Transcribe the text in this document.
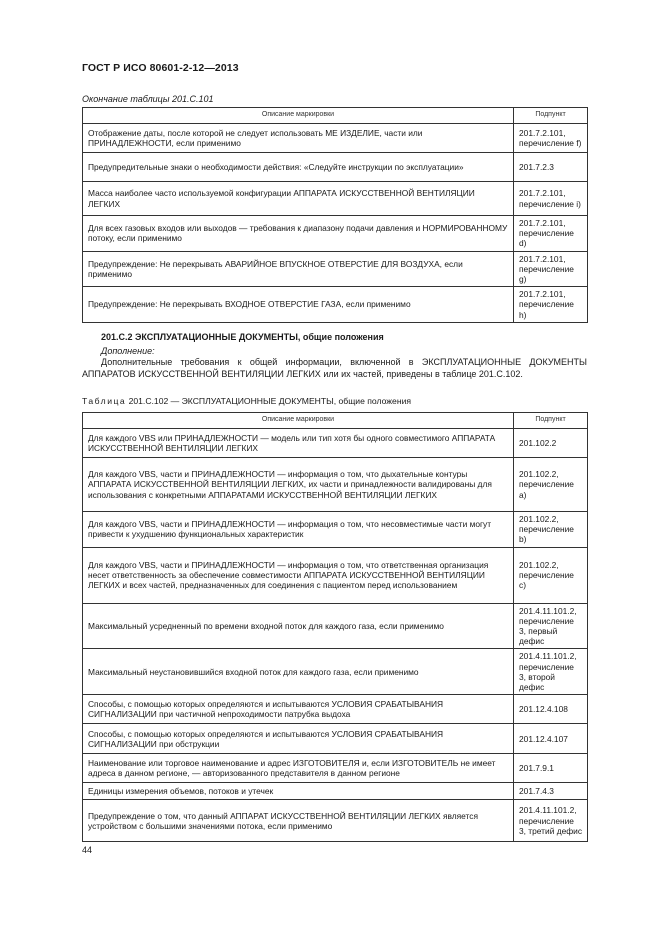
ГОСТ Р ИСО 80601-2-12—2013
Окончание таблицы 201.С.101
Описание маркировки	Подпункт
Отображение даты, после которой не следует использовать МЕ ИЗДЕЛИЕ, части или ПРИНАДЛЕЖНОСТИ, если применимо	201.7.2.101, перечисление f)
Предупредительные знаки о необходимости действия: «Следуйте инструкции по эксплуатации»	201.7.2.3
Масса наиболее часто используемой конфигурации АППАРАТА ИСКУССТВЕННОЙ ВЕНТИЛЯЦИИ ЛЕГКИХ	201.7.2.101, перечисление i)
Для всех газовых входов или выходов — требования к диапазону подачи давления и НОРМИРОВАННОМУ потоку, если применимо	201.7.2.101, перечисление d)
Предупреждение: Не перекрывать АВАРИЙНОЕ ВПУСКНОЕ ОТВЕРСТИЕ ДЛЯ ВОЗДУХА, если применимо	201.7.2.101, перечисление g)
Предупреждение: Не перекрывать ВХОДНОЕ ОТВЕРСТИЕ ГАЗА, если применимо	201.7.2.101, перечисление h)
201.С.2 ЭКСПЛУАТАЦИОННЫЕ ДОКУМЕНТЫ, общие положения
Дополнение:
Дополнительные требования к общей информации, включенной в ЭКСПЛУАТАЦИОННЫЕ ДОКУМЕНТЫ АППАРАТОВ ИСКУССТВЕННОЙ ВЕНТИЛЯЦИИ ЛЕГКИХ или их частей, приведены в таблице 201.С.102.
Таблица 201.С.102 — ЭКСПЛУАТАЦИОННЫЕ ДОКУМЕНТЫ, общие положения
Описание маркировки	Подпункт
Для каждого VBS или ПРИНАДЛЕЖНОСТИ — модель или тип хотя бы одного совместимого АППАРАТА ИСКУССТВЕННОЙ ВЕНТИЛЯЦИИ ЛЕГКИХ	201.102.2
Для каждого VBS, части и ПРИНАДЛЕЖНОСТИ — информация о том, что дыхательные контуры АППАРАТА ИСКУССТВЕННОЙ ВЕНТИЛЯЦИИ ЛЕГКИХ, их части и принадлежности валидированы для использования с конкретными АППАРАТАМИ ИСКУССТВЕННОЙ ВЕНТИЛЯЦИИ ЛЕГКИХ	201.102.2, перечисление а)
Для каждого VBS, части и ПРИНАДЛЕЖНОСТИ — информация о том, что несовместимые части могут привести к ухудшению функциональных характеристик	201.102.2, перечисление b)
Для каждого VBS, части и ПРИНАДЛЕЖНОСТИ — информация о том, что ответственная организация несет ответственность за обеспечение совместимости АППАРАТА ИСКУССТВЕННОЙ ВЕНТИЛЯЦИИ ЛЕГКИХ и всех частей, предназначенных для соединения с пациентом перед использованием	201.102.2, перечисление с)
Максимальный усредненный по времени входной поток для каждого газа, если применимо	201.4.11.101.2, перечисление 3, первый дефис
Максимальный неустановившийся входной поток для каждого газа, если применимо	201.4.11.101.2, перечисление 3, второй дефис
Способы, с помощью которых определяются и испытываются УСЛОВИЯ СРАБАТЫВАНИЯ СИГНАЛИЗАЦИИ при частичной непроходимости патрубка выдоха	201.12.4.108
Способы, с помощью которых определяются и испытываются УСЛОВИЯ СРАБАТЫВАНИЯ СИГНАЛИЗАЦИИ при обструкции	201.12.4.107
Наименование или торговое наименование и адрес ИЗГОТОВИТЕЛЯ и, если ИЗГОТОВИТЕЛЬ не имеет адреса в данном регионе, — авторизованного представителя в данном регионе	201.7.9.1
Единицы измерения объемов, потоков и утечек	201.7.4.3
Предупреждение о том, что данный АППАРАТ ИСКУССТВЕННОЙ ВЕНТИЛЯЦИИ ЛЕГКИХ является устройством с большими значениями потока, если применимо	201.4.11.101.2, перечисление 3, третий дефис
44
